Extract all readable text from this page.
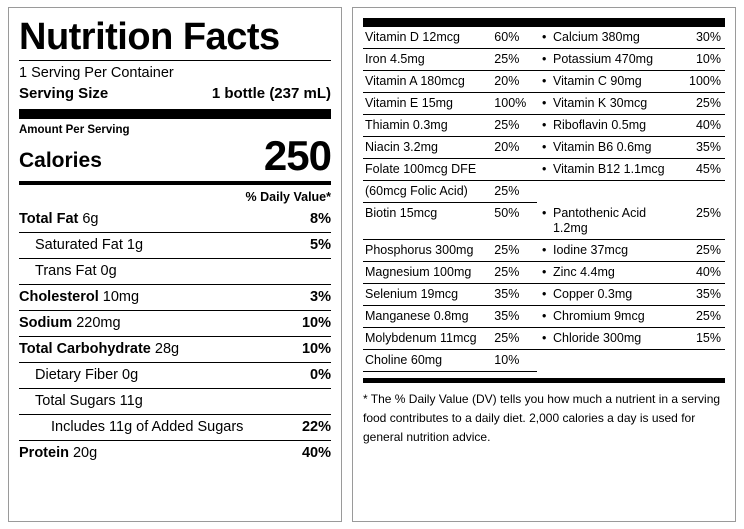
Nutrition Facts
1 Serving Per Container
Serving Size	1 bottle (237 mL)
Amount Per Serving
Calories	250
% Daily Value*
Total Fat 6g	8%
Saturated Fat 1g	5%
Trans Fat 0g
Cholesterol 10mg	3%
Sodium 220mg	10%
Total Carbohydrate 28g	10%
Dietary Fiber 0g	0%
Total Sugars 11g
Includes 11g of Added Sugars	22%
Protein 20g	40%
Vitamin D 12mcg	60%	•	Calcium 380mg	30%
Iron 4.5mg	25%	•	Potassium 470mg	10%
Vitamin A 180mcg	20%	•	Vitamin C 90mg	100%
Vitamin E 15mg	100%	•	Vitamin K 30mcg	25%
Thiamin 0.3mg	25%	•	Riboflavin 0.5mg	40%
Niacin 3.2mg	20%	•	Vitamin B6 0.6mg	35%
Folate 100mcg DFE		•	Vitamin B12 1.1mcg	45%
(60mcg Folic Acid)	25%			
Biotin 15mcg	50%	•	Pantothenic Acid 1.2mg	25%
Phosphorus 300mg	25%	•	Iodine 37mcg	25%
Magnesium 100mg	25%	•	Zinc 4.4mg	40%
Selenium 19mcg	35%	•	Copper 0.3mg	35%
Manganese 0.8mg	35%	•	Chromium 9mcg	25%
Molybdenum 11mcg	25%	•	Chloride 300mg	15%
Choline 60mg	10%			
* The % Daily Value (DV) tells you how much a nutrient in a serving food contributes to a daily diet. 2,000 calories a day is used for general nutrition advice.
